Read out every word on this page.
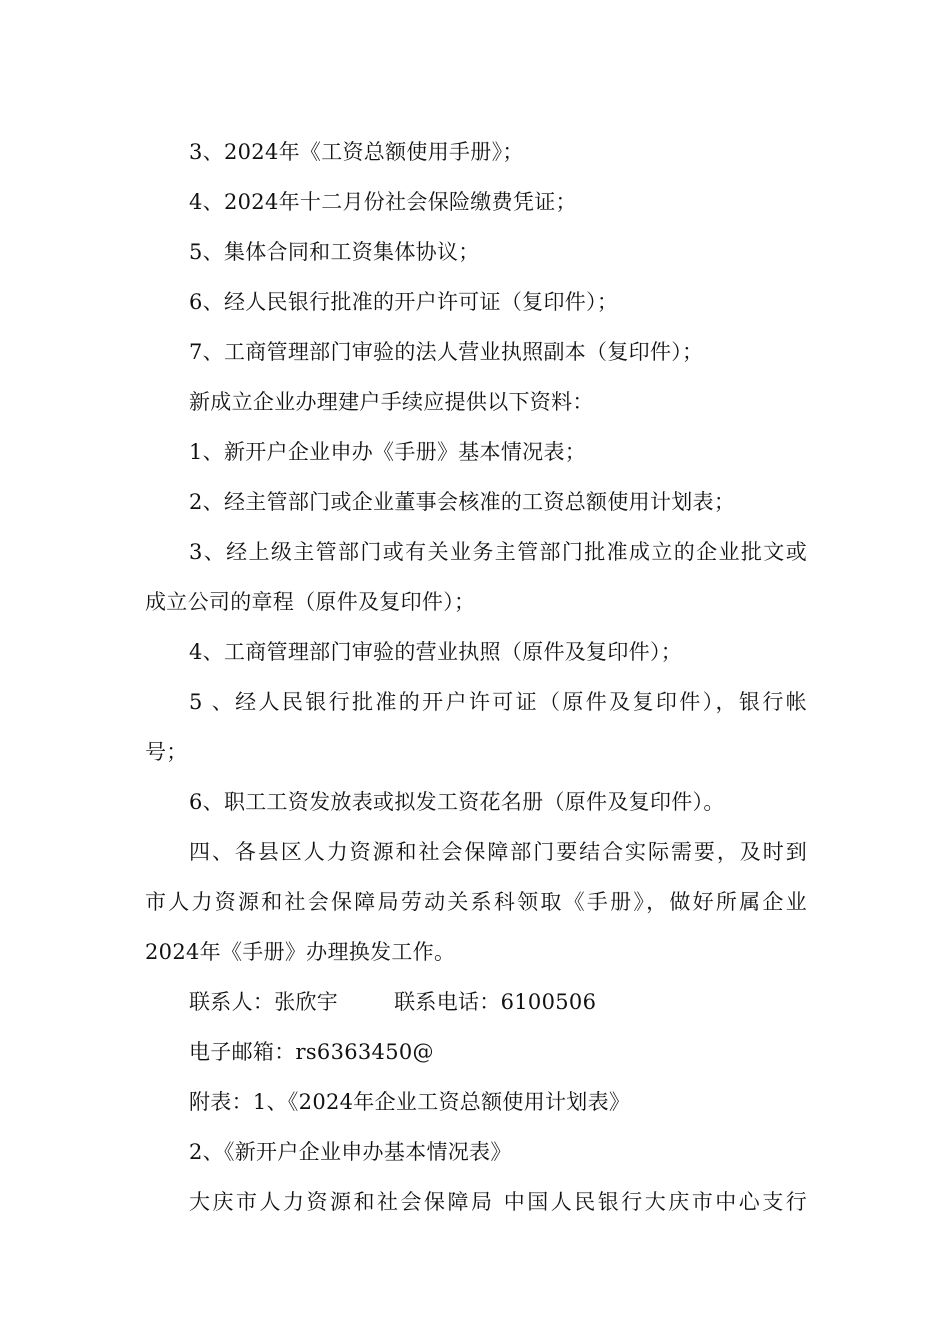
3、2024年《工资总额使用手册》；
4、2024年十二月份社会保险缴费凭证；
5、集体合同和工资集体协议；
6、经人民银行批准的开户许可证（复印件）；
7、工商管理部门审验的法人营业执照副本（复印件）；
新成立企业办理建户手续应提供以下资料：
1、新开户企业申办《手册》基本情况表；
2、经主管部门或企业董事会核准的工资总额使用计划表；
3、经上级主管部门或有关业务主管部门批准成立的企业批文或
成立公司的章程（原件及复印件）；
4、工商管理部门审验的营业执照（原件及复印件）；
5 、经人民银行批准的开户许可证（原件及复印件），银行帐
号；
6、职工工资发放表或拟发工资花名册（原件及复印件）。
四、各县区人力资源和社会保障部门要结合实际需要，及时到
市人力资源和社会保障局劳动关系科领取《手册》，做好所属企业
2024年《手册》办理换发工作。
联系人：张欣宇	联系电话：6100506
电子邮箱：rs6363450@
附表：1、《2024年企业工资总额使用计划表》
2、《新开户企业申办基本情况表》
大庆市人力资源和社会保障局 中国人民银行大庆市中心支行
